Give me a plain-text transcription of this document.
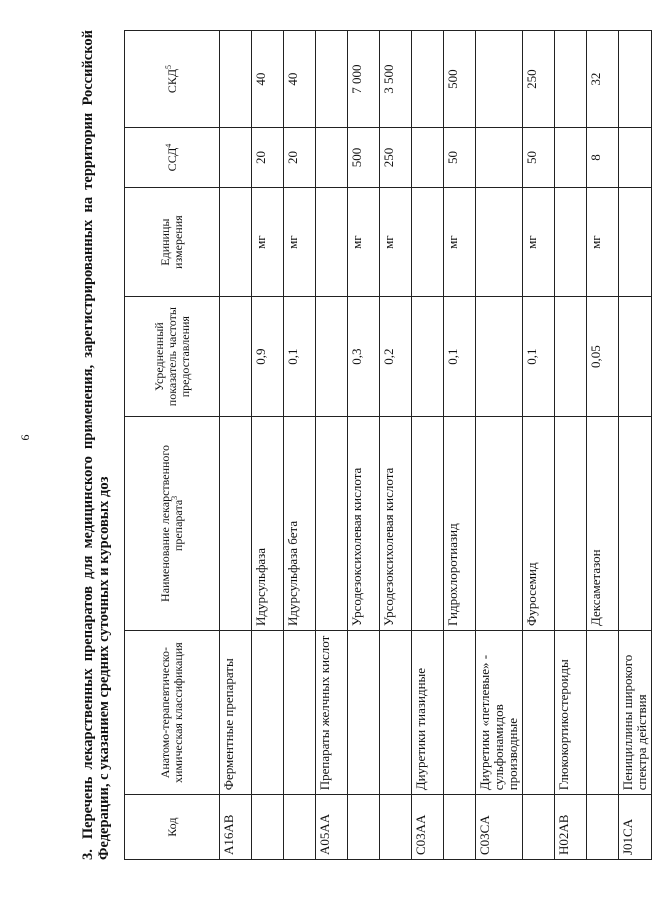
9
3.Перечень лекарственных препаратов для медицинского применения, зарегистрированных на территории Российской Федерации, с указанием средних суточных и курсовых доз	Код	Анатомо-терапевтическо-химическая классификация	Наименование лекарственного препарата$^3$	Усредненный показатель частоты предоставления	Единицы измерения	ССД$^4$	СКД$^5$
A16AB	Ферментные препараты					
		Идурсульфаза	0,9	мг	20	40
		Идурсульфаза бета	0,1	мг	20	40
A05AA	Препараты желчных кислот					
		Урсодезоксихолевая кислота	0,3	мг	500	7 000
		Урсодезоксихолевая кислота	0,2	мг	250	3 500
C03AA	Диуретики тиазидные					
		Гидрохлоротиазид	0,1	мг	50	500
C03CA	Диуретики «петлевые» - сульфонамидов производные					
		Фуросемид	0,1	мг	50	250
H02AB	Глюкокортикостероиды					
		Дексаметазон	0,05	мг	8	32
J01CA	Пенициллины широкого спектра действия					
